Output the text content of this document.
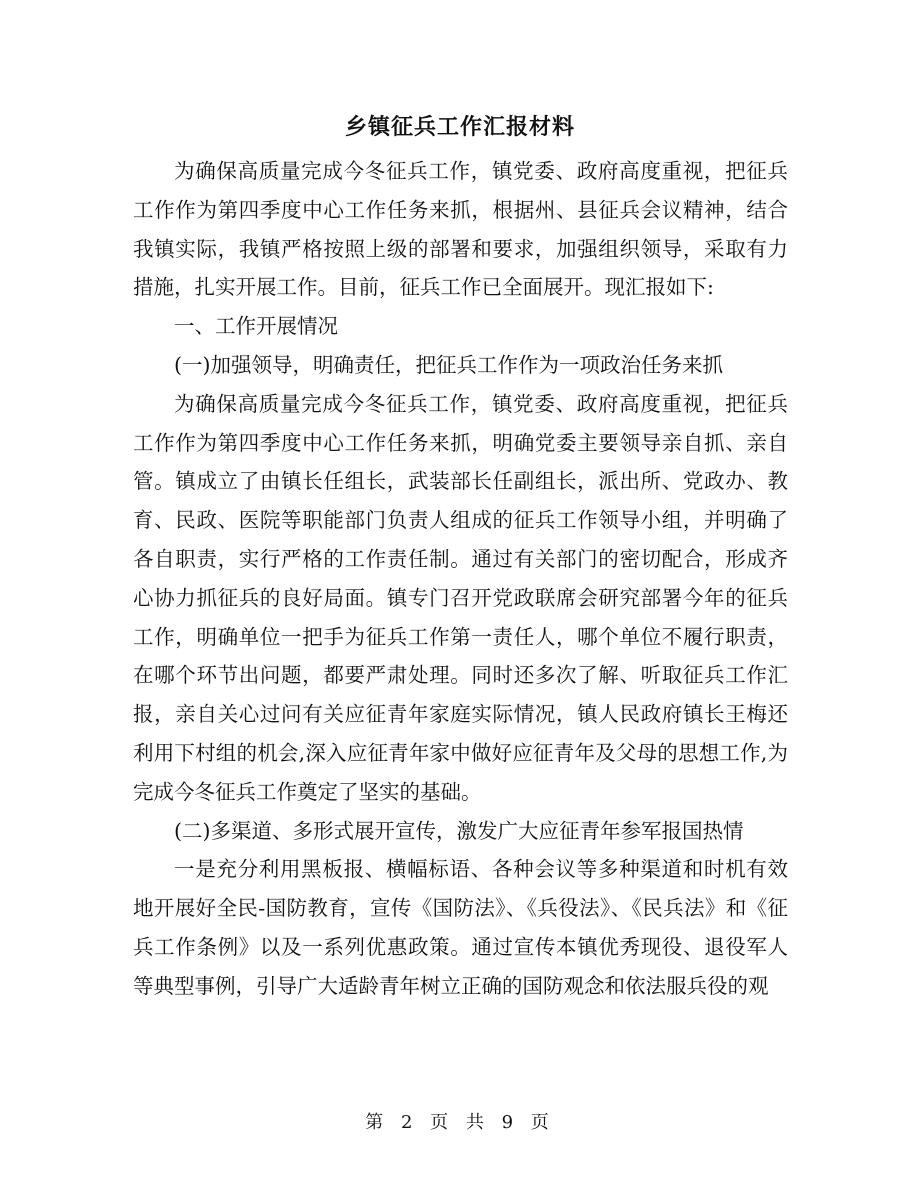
乡镇征兵工作汇报材料

为确保高质量完成今冬征兵工作，镇党委、政府高度重视，把征兵工作作为第四季度中心工作任务来抓，根据州、县征兵会议精神，结合我镇实际，我镇严格按照上级的部署和要求，加强组织领导，采取有力措施，扎实开展工作。目前，征兵工作已全面展开。现汇报如下:

一、工作开展情况

(一)加强领导，明确责任，把征兵工作作为一项政治任务来抓

为确保高质量完成今冬征兵工作，镇党委、政府高度重视，把征兵工作作为第四季度中心工作任务来抓，明确党委主要领导亲自抓、亲自管。镇成立了由镇长任组长，武装部长任副组长，派出所、党政办、教育、民政、医院等职能部门负责人组成的征兵工作领导小组，并明确了各自职责，实行严格的工作责任制。通过有关部门的密切配合，形成齐心协力抓征兵的良好局面。镇专门召开党政联席会研究部署今年的征兵工作，明确单位一把手为征兵工作第一责任人，哪个单位不履行职责，在哪个环节出问题，都要严肃处理。同时还多次了解、听取征兵工作汇报，亲自关心过问有关应征青年家庭实际情况，镇人民政府镇长王梅还利用下村组的机会,深入应征青年家中做好应征青年及父母的思想工作,为完成今冬征兵工作奠定了坚实的基础。

(二)多渠道、多形式展开宣传，激发广大应征青年参军报国热情

一是充分利用黑板报、横幅标语、各种会议等多种渠道和时机有效地开展好全民-国防教育，宣传《国防法》、《兵役法》、《民兵法》和《征兵工作条例》以及一系列优惠政策。通过宣传本镇优秀现役、退役军人等典型事例，引导广大适龄青年树立正确的国防观念和依法服兵役的观

第 2 页 共 9 页
